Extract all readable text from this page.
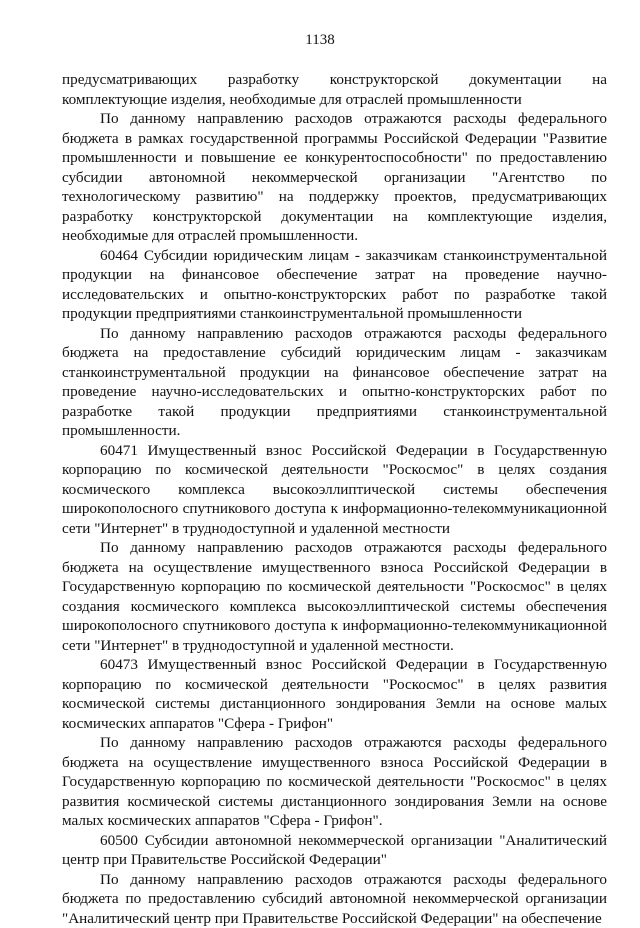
1138

предусматривающих разработку конструкторской документации на комплектующие изделия, необходимые для отраслей промышленности

По данному направлению расходов отражаются расходы федерального бюджета в рамках государственной программы Российской Федерации "Развитие промышленности и повышение ее конкурентоспособности" по предоставлению субсидии автономной некоммерческой организации "Агентство по технологическому развитию" на поддержку проектов, предусматривающих разработку конструкторской документации на комплектующие изделия, необходимые для отраслей промышленности.

60464 Субсидии юридическим лицам - заказчикам станкоинструментальной продукции на финансовое обеспечение затрат на проведение научно-исследовательских и опытно-конструкторских работ по разработке такой продукции предприятиями станкоинструментальной промышленности

По данному направлению расходов отражаются расходы федерального бюджета на предоставление субсидий юридическим лицам - заказчикам станкоинструментальной продукции на финансовое обеспечение затрат на проведение научно-исследовательских и опытно-конструкторских работ по разработке такой продукции предприятиями станкоинструментальной промышленности.

60471 Имущественный взнос Российской Федерации в Государственную корпорацию по космической деятельности "Роскосмос" в целях создания космического комплекса высокоэллиптической системы обеспечения широкополосного спутникового доступа к информационно-телекоммуникационной сети "Интернет" в труднодоступной и удаленной местности

По данному направлению расходов отражаются расходы федерального бюджета на осуществление имущественного взноса Российской Федерации в Государственную корпорацию по космической деятельности "Роскосмос" в целях создания космического комплекса высокоэллиптической системы обеспечения широкополосного спутникового доступа к информационно-телекоммуникационной сети "Интернет" в труднодоступной и удаленной местности.

60473 Имущественный взнос Российской Федерации в Государственную корпорацию по космической деятельности "Роскосмос" в целях развития космической системы дистанционного зондирования Земли на основе малых космических аппаратов "Сфера - Грифон"

По данному направлению расходов отражаются расходы федерального бюджета на осуществление имущественного взноса Российской Федерации в Государственную корпорацию по космической деятельности "Роскосмос" в целях развития космической системы дистанционного зондирования Земли на основе малых космических аппаратов "Сфера - Грифон".

60500 Субсидии автономной некоммерческой организации "Аналитический центр при Правительстве Российской Федерации"

По данному направлению расходов отражаются расходы федерального бюджета по предоставлению субсидий автономной некоммерческой организации "Аналитический центр при Правительстве Российской Федерации" на обеспечение
